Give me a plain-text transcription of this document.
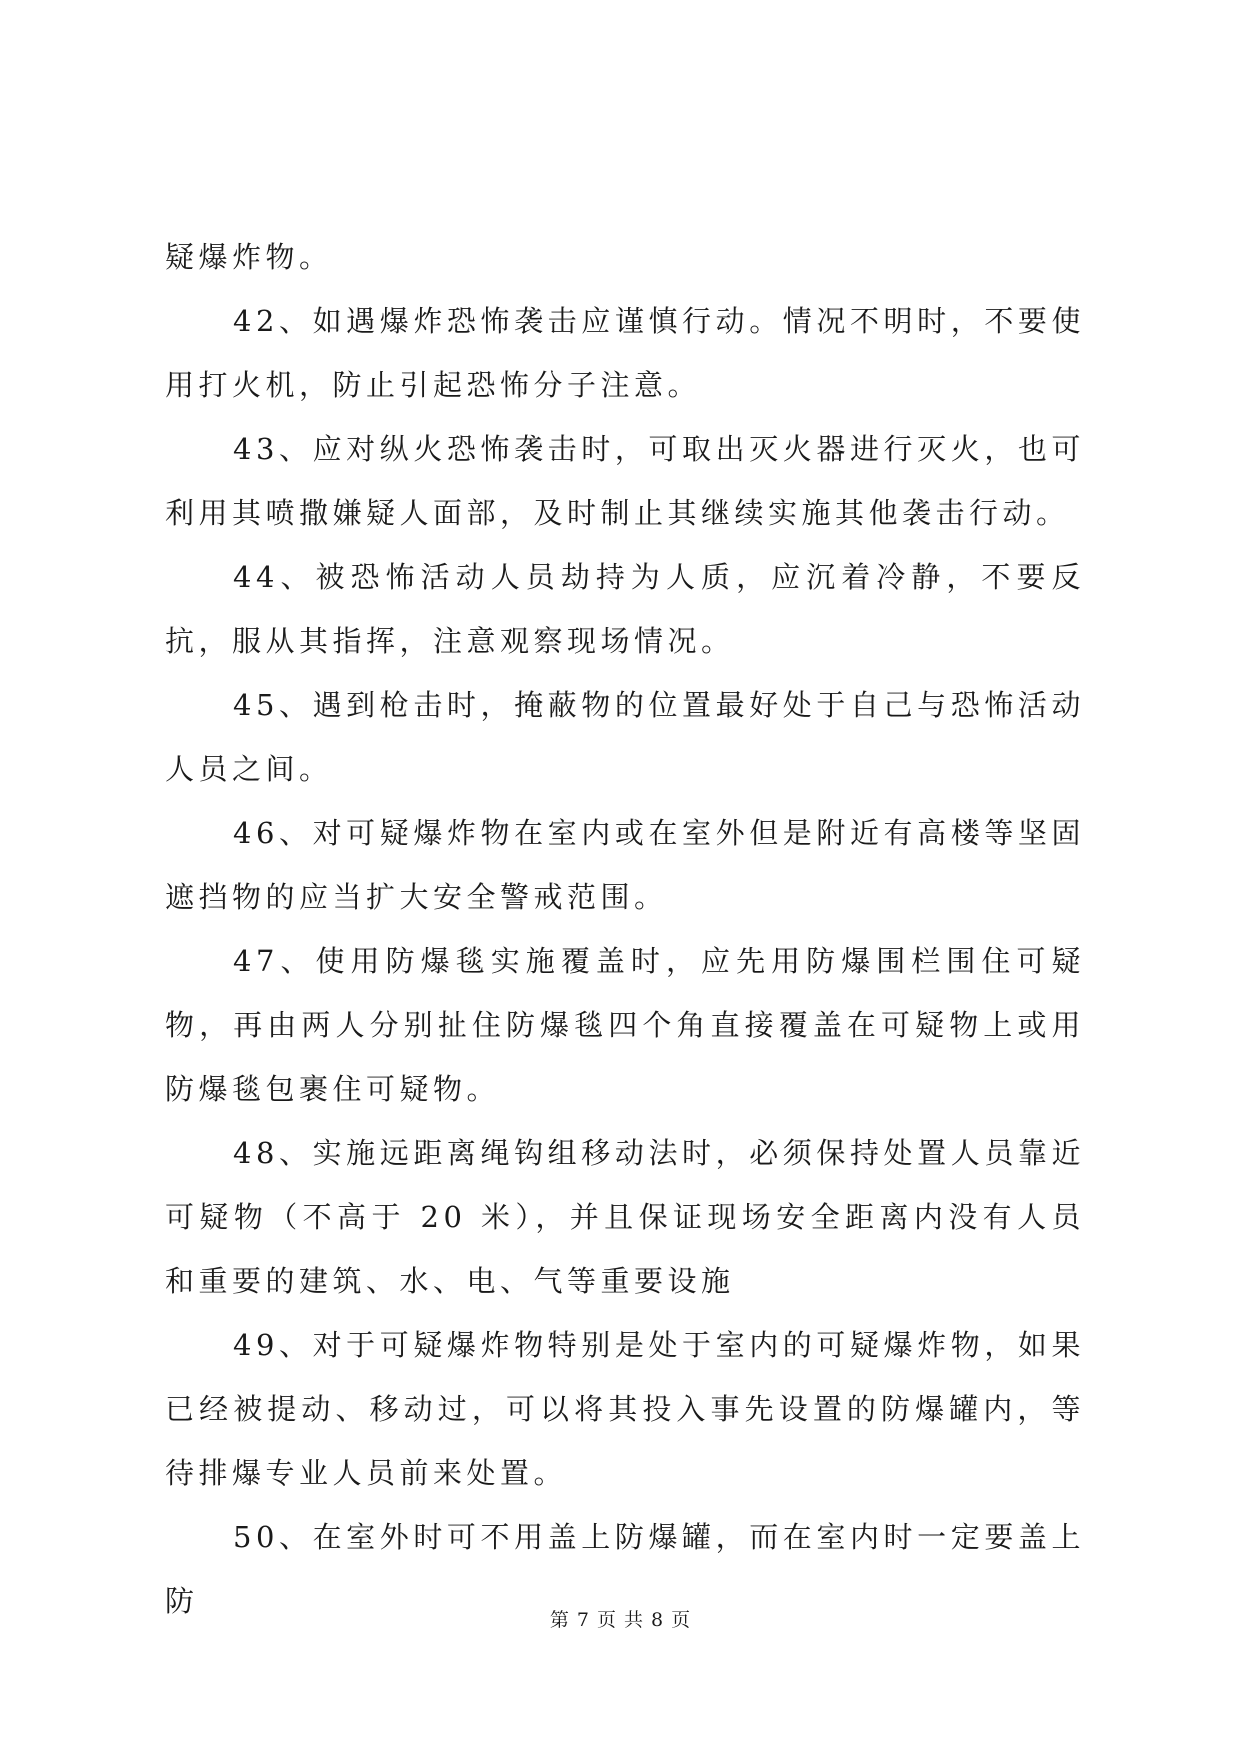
疑爆炸物。

42、如遇爆炸恐怖袭击应谨慎行动。情况不明时，不要使用打火机，防止引起恐怖分子注意。

43、应对纵火恐怖袭击时，可取出灭火器进行灭火，也可利用其喷撒嫌疑人面部，及时制止其继续实施其他袭击行动。

44、被恐怖活动人员劫持为人质，应沉着冷静，不要反抗，服从其指挥，注意观察现场情况。

45、遇到枪击时，掩蔽物的位置最好处于自己与恐怖活动人员之间。

46、对可疑爆炸物在室内或在室外但是附近有高楼等坚固遮挡物的应当扩大安全警戒范围。

47、使用防爆毯实施覆盖时，应先用防爆围栏围住可疑物，再由两人分别扯住防爆毯四个角直接覆盖在可疑物上或用防爆毯包裹住可疑物。

48、实施远距离绳钩组移动法时，必须保持处置人员靠近可疑物（不高于 20 米），并且保证现场安全距离内没有人员和重要的建筑、水、电、气等重要设施

49、对于可疑爆炸物特别是处于室内的可疑爆炸物，如果已经被提动、移动过，可以将其投入事先设置的防爆罐内，等待排爆专业人员前来处置。

50、在室外时可不用盖上防爆罐，而在室内时一定要盖上防

第 7 页 共 8 页
